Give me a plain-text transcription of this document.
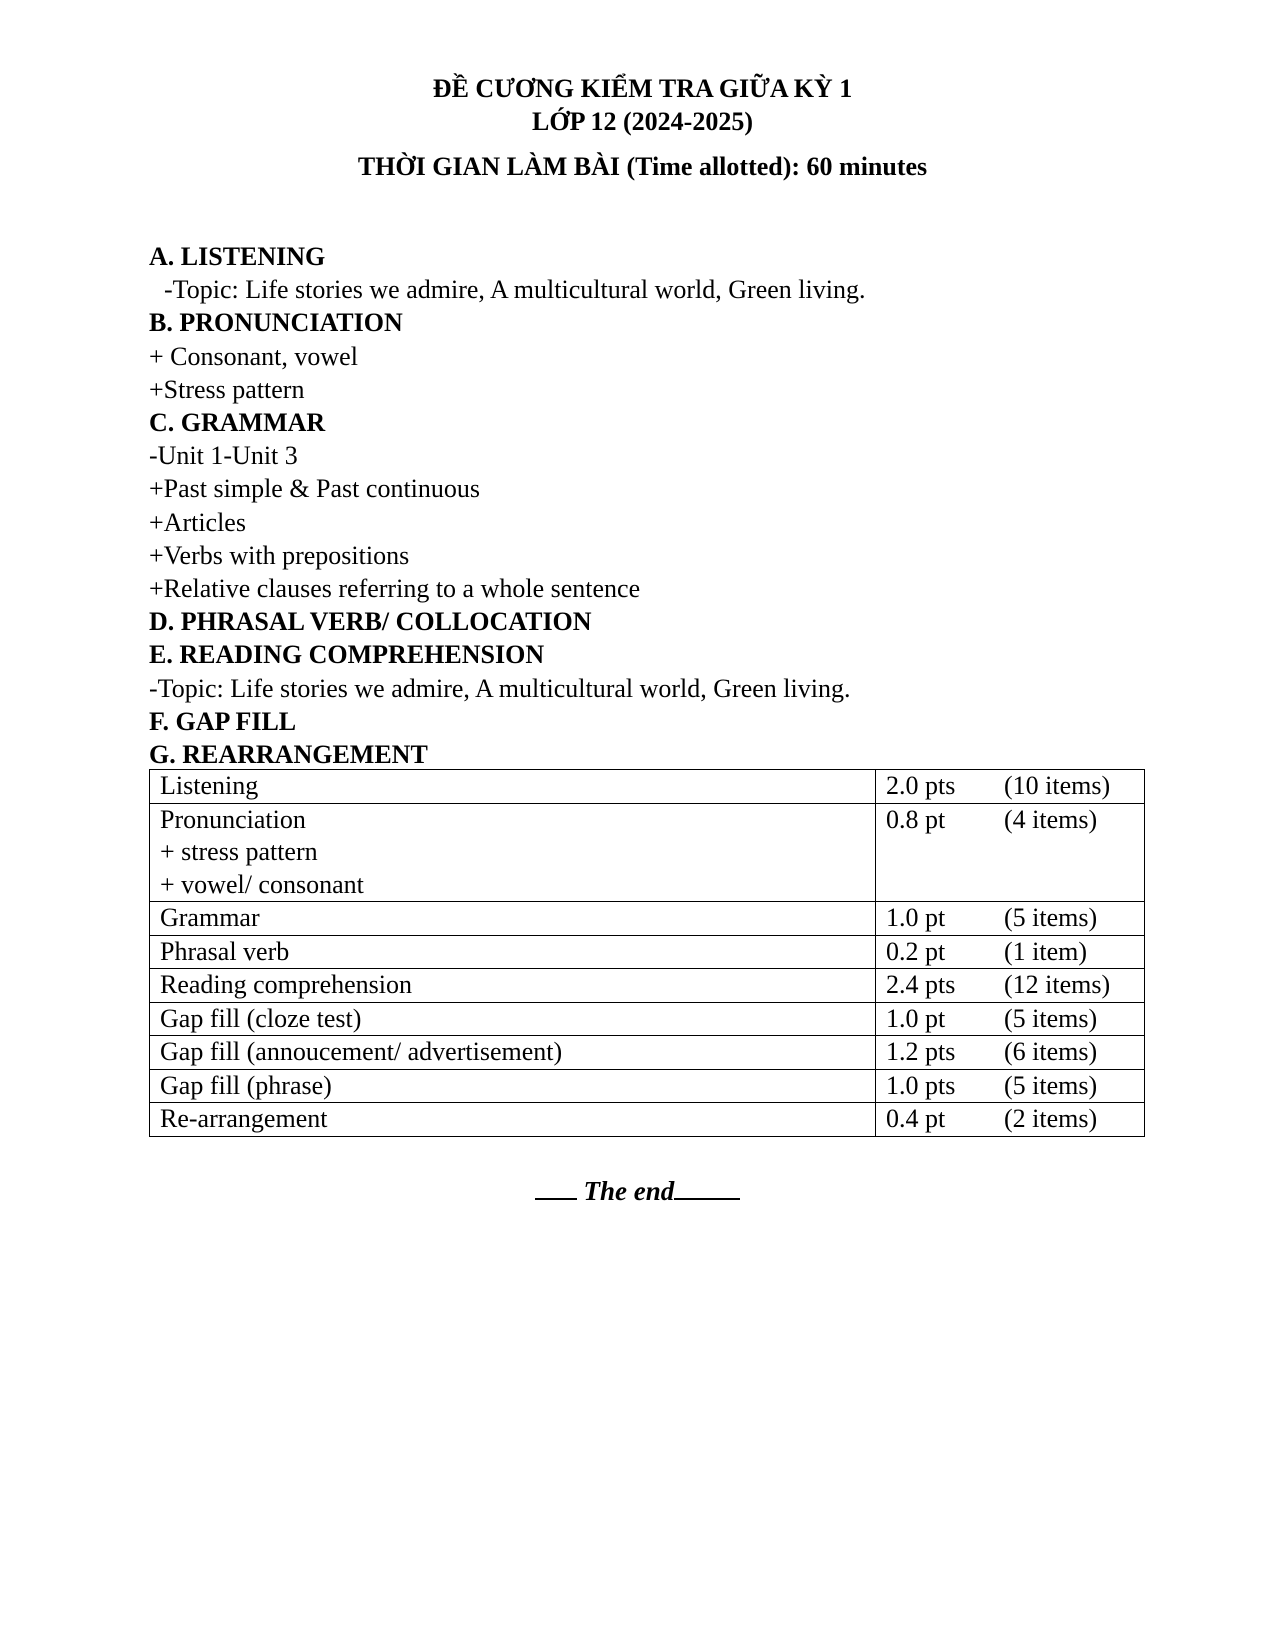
ĐỀ CƯƠNG KIỂM TRA GIỮA KỲ 1
LỚP 12 (2024-2025)
THỜI GIAN LÀM BÀI (Time allotted): 60 minutes
A. LISTENING
-Topic: Life stories we admire, A multicultural world, Green living.
B. PRONUNCIATION
+ Consonant, vowel
+Stress pattern
C. GRAMMAR
-Unit 1-Unit 3
+Past simple & Past continuous
+Articles
+Verbs with prepositions
+Relative clauses referring to a whole sentence
D. PHRASAL VERB/ COLLOCATION
E. READING COMPREHENSION
-Topic: Life stories we admire, A multicultural world, Green living.
F. GAP FILL
G. REARRANGEMENT
Listening	2.0 pts (10 items)

Pronunciation
+ stress pattern
+ vowel/ consonant	0.8 pt (4 items)
Grammar	1.0 pt (5 items)
Phrasal verb	0.2 pt (1 item)
Reading comprehension	2.4 pts (12 items)
Gap fill (cloze test)	1.0 pt (5 items)
Gap fill (annoucement/ advertisement)	1.2 pts (6 items)
Gap fill (phrase)	1.0 pts (5 items)
Re-arrangement	0.4 pt (2 items)
The end
